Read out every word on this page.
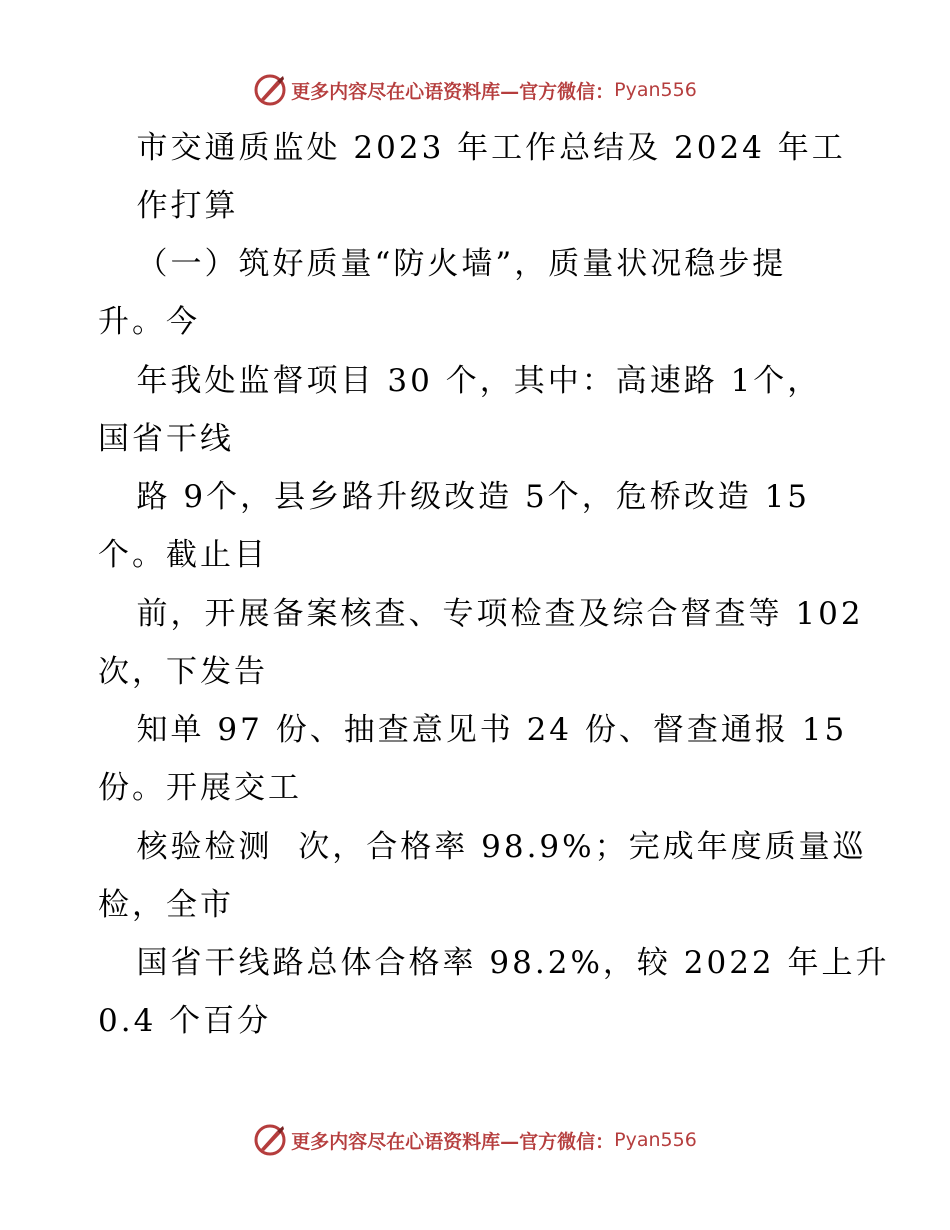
更多内容尽在心语资料库—官方微信： Pyan556
市交通质监处 2023 年工作总结及 2024 年工
作打算
（一）筑好质量“防火墙”，质量状况稳步提
升。今
年我处监督项目 30 个，其中：高速路 1个，
国省干线
路 9个，县乡路升级改造 5个，危桥改造 15
个。截止目
前，开展备案核查、专项检查及综合督查等 102
次，下发告
知单 97 份、抽查意见书 24 份、督查通报 15
份。开展交工
核验检测  次，合格率 98.9%；完成年度质量巡
检，全市
国省干线路总体合格率 98.2%，较 2022 年上升
0.4 个百分
更多内容尽在心语资料库—官方微信： Pyan556
